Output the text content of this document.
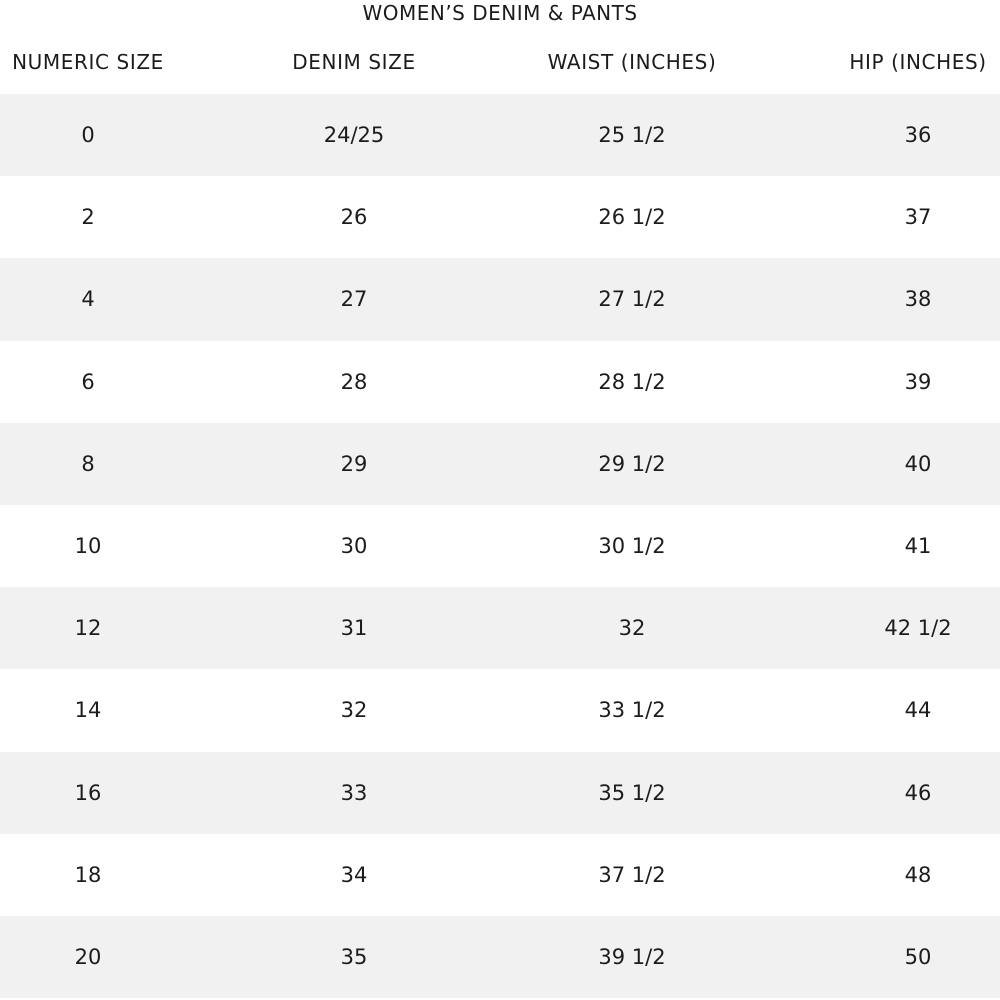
WOMEN’S DENIM & PANTS
NUMERIC SIZE	DENIM SIZE	WAIST (INCHES)	HIP (INCHES)
0	24/25	25 1/2	36
2	26	26 1/2	37
4	27	27 1/2	38
6	28	28 1/2	39
8	29	29 1/2	40
10	30	30 1/2	41
12	31	32	42 1/2
14	32	33 1/2	44
16	33	35 1/2	46
18	34	37 1/2	48
20	35	39 1/2	50
